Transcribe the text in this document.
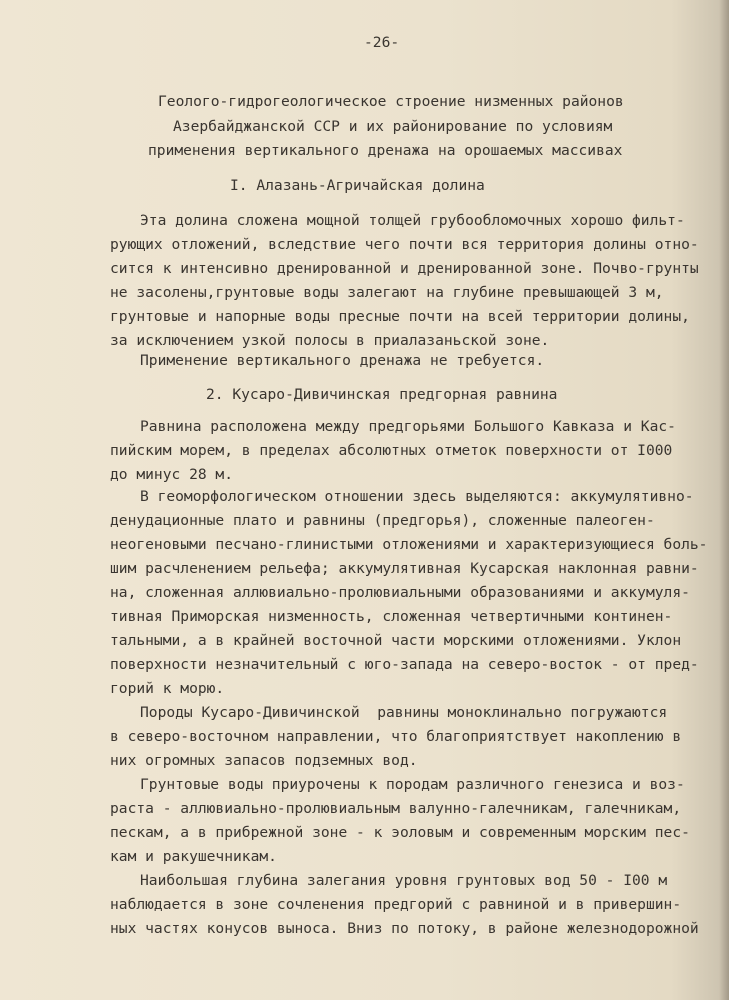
-26-
Геолого-гидрогеологическое строение низменных районов
Азербайджанской ССР и их районирование по условиям
применения вертикального дренажа на орошаемых массивах
I. Алазань-Агричайская долина
Эта долина сложена мощной толщей грубообломочных хорошо фильт-
рующих отложений, вследствие чего почти вся территория долины отно-
сится к интенсивно дренированной и дренированной зоне. Почво-грунты
не засолены,грунтовые воды залегают на глубине превышающей 3 м,
грунтовые и напорные воды пресные почти на всей территории долины,
за исключением узкой полосы в приалазаньской зоне.
Применение вертикального дренажа не требуется.
2. Кусаро-Дивичинская предгорная равнина
Равнина расположена между предгорьями Большого Кавказа и Кас-
пийским морем, в пределах абсолютных отметок поверхности от I000
до минус 28 м.
В геоморфологическом отношении здесь выделяются: аккумулятивно-
денудационные плато и равнины (предгорья), сложенные палеоген-
неогеновыми песчано-глинистыми отложениями и характеризующиеся боль-
шим расчленением рельефа; аккумулятивная Кусарская наклонная равни-
на, сложенная аллювиально-пролювиальными образованиями и аккумуля-
тивная Приморская низменность, сложенная четвертичными континен-
тальными, а в крайней восточной части морскими отложениями. Уклон
поверхности незначительный с юго-запада на северо-восток - от пред-
горий к морю.
Породы Кусаро-Дивичинской  равнины моноклинально погружаются
в северо-восточном направлении, что благоприятствует накоплению в
них огромных запасов подземных вод.
Грунтовые воды приурочены к породам различного генезиса и воз-
раста - аллювиально-пролювиальным валунно-галечникам, галечникам,
пескам, а в прибрежной зоне - к эоловым и современным морским пес-
кам и ракушечникам.
Наибольшая глубина залегания уровня грунтовых вод 50 - I00 м
наблюдается в зоне сочленения предгорий с равниной и в привершин-
ных частях конусов выноса. Вниз по потоку, в районе железнодорожной
